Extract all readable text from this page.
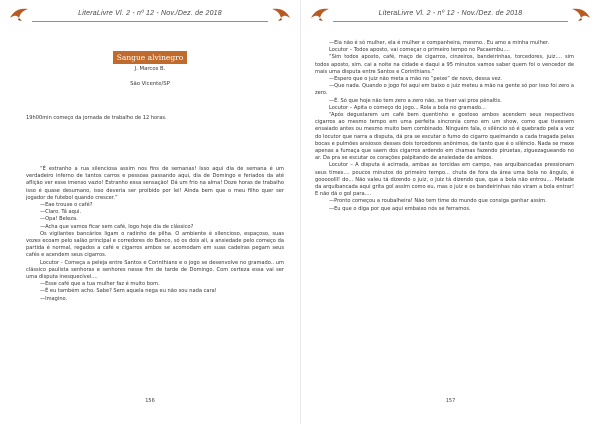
LiteraLivre Vl. 2 - nº 12 - Nov./Dez. de 2018
Sangue alvinegro
J. Marcos B.
São Vicente/SP
19h00min começo da jornada de trabalho de 12 horas.

“É estranho a rua silenciosa assim nos fins de semanas! Isso aqui dia de semana é um verdadeiro inferno de tantos carros e pessoas passando aqui, dia de Domingo e feriados da até aflição ver esse imenso vazio! Estranho essa sensação! Dá um frio na alma! Doze horas de trabalho isso é quase desumano, isso deveria ser proibido por lei! Ainda bem que o meu filho quer ser jogador de futebol quando crescer.”

—Eae trouxe o café?

—Claro. Tá aqui.

—Opa! Beleza.

—Acha que vamos ficar sem café, logo hoje dia de clássico?

Os vigilantes bancários ligam o radinho de pilha. O ambiente é silencioso, espaçoso, suas vozes ecoam pelo salão principal e corredores do Banco, só os dois ali, a ansiedade pelo começo da partida é normal, regados a café e cigarros ambos se acomodam em suas cadeiras pegam seus cafés e acendem seus cigarros.

Locutor - Começa a peleja entre Santos e Corinthians e o jogo se desenvolve no gramado.. um clássico paulista senhoras e senhores nesse fim de tarde de Domingo. Com certeza essa vai ser uma disputa inesquecível....

—Esse café que a tua mulher faz é muito bom.

—É eu também acho. Sabe? Sem aquela nega eu não sou nada cara!

—Imagino.

156
LiteraLivre Vl. 2 - nº 12 - Nov./Dez. de 2018

—Ela não é só mulher, ela é mulher e companheira, mesmo.. Eu amo a minha mulher.

Locutor – Todos aposto, vai começar o primeiro tempo no Pacaembu....

“Sim todos aposto, café, maço de cigarros, cinzeiros, bandeirinhas, torcedores, juiz.... sim todos aposto, sim. cai a noite na cidade e daqui a 95 minutos vamos saber quem foi o vencedor de mais uma disputa entre Santos e Corinthians.”

—Espero que o juiz não meta a mão no “peixe” de novo, dessa vez.

—Que nada. Quando o jogo foi aqui em baixo o juiz meteu a mão na gente só por isso foi zero a zero.

—É. Só que hoje não tem zero a zero não, se tiver vai pros pênaltis.

Locutor – Apita o começo do jogo... Rola a bola no gramado...

“Após degustarem um café bem quentinho e gostoso ambos acendem seus respectivos cigarros ao mesmo tempo em uma perfeita sincronia como em um show, como que tivessem ensaiado antes ou mesmo muito bem combinado. Ninguém fala, o silêncio só é quebrado pela a voz do locutor que narra a disputa, dá pra se escutar o fumo do cigarro queimando a cada tragada pelas bocas e pulmões ansiosos desses dois torcedores anônimos, de tanto que é o silêncio. Nada se mexe apenas a fumaça que saem dos cigarros ardendo em chamas fazendo piruetas, ziguezagueando no ar. Da pra se escutar os corações palpitando de ansiedade de ambos.

Locutor – A disputa é acirrada, ambas as torcidas em campo, nas arquibancadas pressionam seus times.... poucos minutos do primeiro tempo... chuta de fora da área uma bola no ângulo, é gooooolll! do... Não valeu tá dizendo o juiz, o juiz tá dizendo que, que a bola não entrou.... Metade da arquibancada aqui grita gol assim como eu, mas o juiz e os bandeirinhas não viram a bola entrar! E não dá o gol para....

—Pronto começou a roubalheira! Não tem time do mundo que consiga ganhar assim.

—Eu que o diga por que aqui embaixo nós se ferramos.

157
